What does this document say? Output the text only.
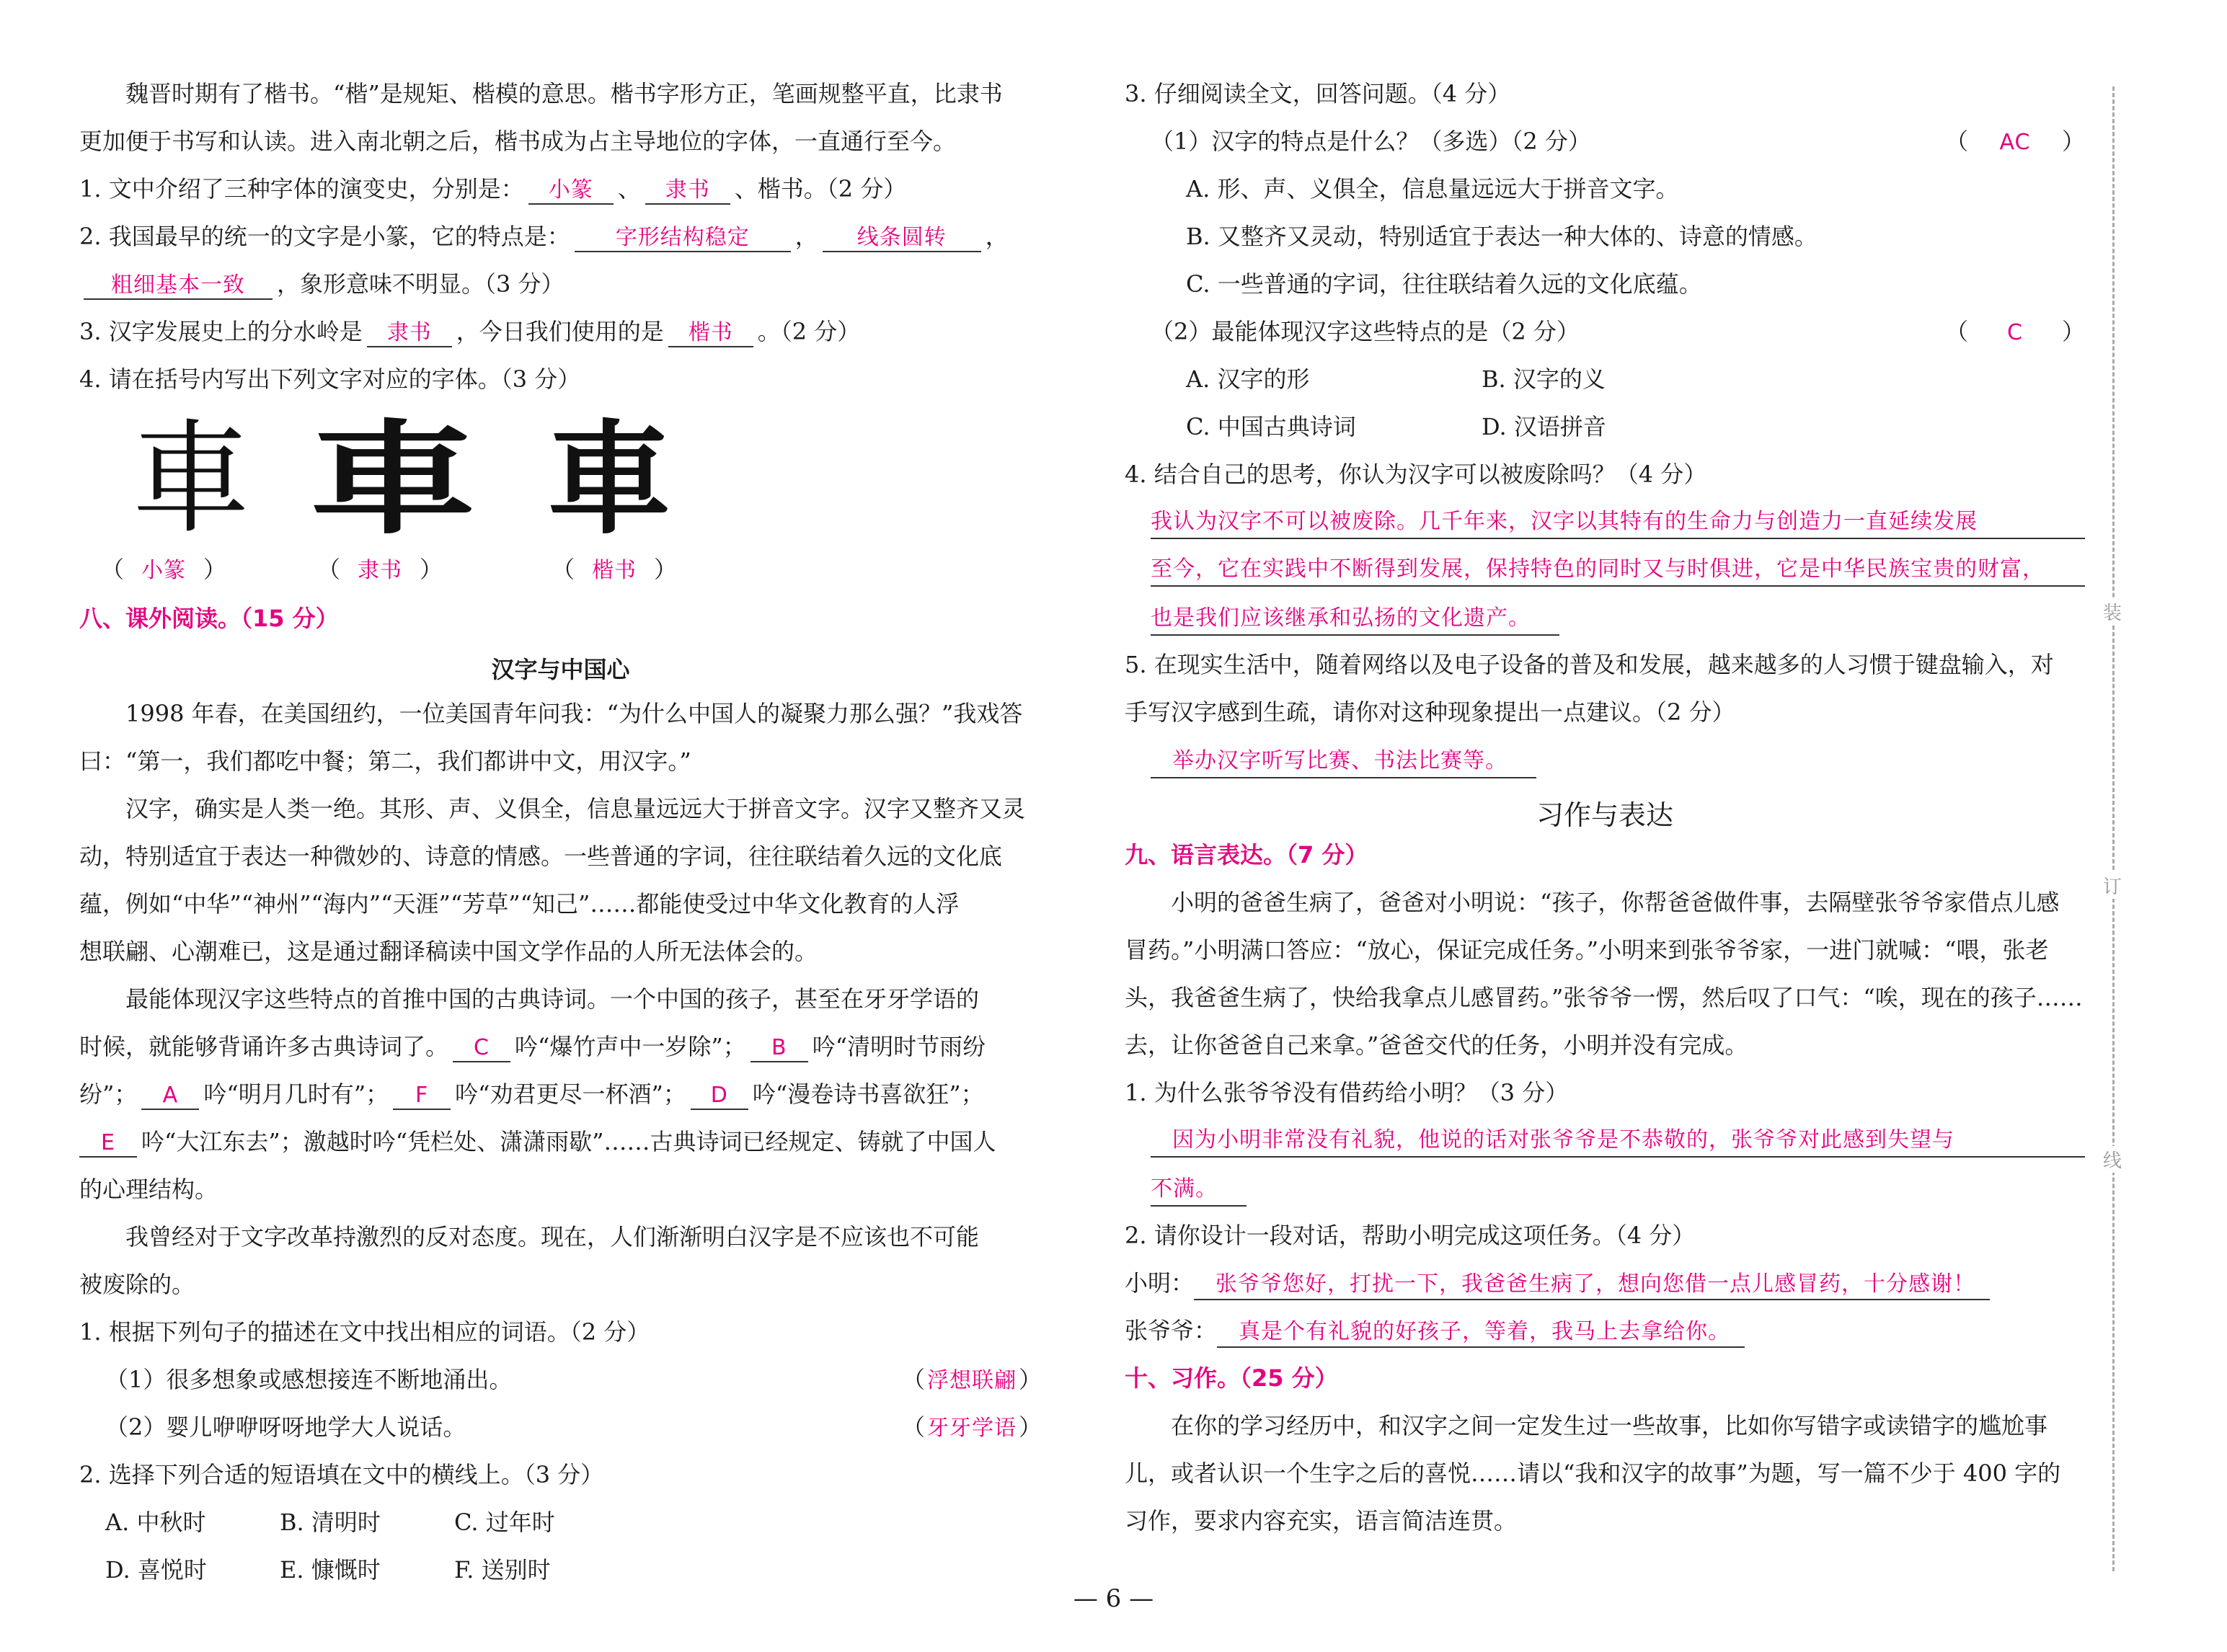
魏晋时期有了楷书。“楷”是规矩、楷模的意思。楷书字形方正，笔画规整平直，比隶书
更加便于书写和认读。进入南北朝之后，楷书成为占主导地位的字体，一直通行至今。
1. 文中介绍了三种字体的演变史，分别是： 小篆 、 隶书 、楷书。（2 分）
2. 我国最早的统一的文字是小篆，它的特点是： 字形结构稳定 ， 线条圆转 ，
粗细基本一致 ，象形意味不明显。（3 分）
3. 汉字发展史上的分水岭是 隶书 ，今日我们使用的是 楷书 。（2 分）
4. 请在括号内写出下列文字对应的字体。（3 分）
車 車 車
（ 小篆 ）	（ 隶书 ）	（ 楷书 ）
八、课外阅读。（15 分）
汉字与中国心
1998 年春，在美国纽约，一位美国青年问我：“为什么中国人的凝聚力那么强？”我戏答
曰：“第一，我们都吃中餐；第二，我们都讲中文，用汉字。”
汉字，确实是人类一绝。其形、声、义俱全，信息量远远大于拼音文字。汉字又整齐又灵
动，特别适宜于表达一种微妙的、诗意的情感。一些普通的字词，往往联结着久远的文化底
蕴，例如“中华”“神州”“海内”“天涯”“芳草”“知己”……都能使受过中华文化教育的人浮
想联翩、心潮难已，这是通过翻译稿读中国文学作品的人所无法体会的。
最能体现汉字这些特点的首推中国的古典诗词。一个中国的孩子，甚至在牙牙学语的
时候，就能够背诵许多古典诗词了。 C 吟“爆竹声中一岁除”； B 吟“清明时节雨纷
纷”； A 吟“明月几时有”； F 吟“劝君更尽一杯酒”； D 吟“漫卷诗书喜欲狂”；
E 吟“大江东去”；激越时吟“凭栏处、潇潇雨歇”……古典诗词已经规定、铸就了中国人
的心理结构。
我曾经对于文字改革持激烈的反对态度。现在，人们渐渐明白汉字是不应该也不可能
被废除的。
1. 根据下列句子的描述在文中找出相应的词语。（2 分）
（1）很多想象或感想接连不断地涌出。	（ 浮想联翩）
（2）婴儿咿咿呀呀地学大人说话。	（ 牙牙学语）
2. 选择下列合适的短语填在文中的横线上。（3 分）
A. 中秋时	B. 清明时	C. 过年时
D. 喜悦时	E. 慷慨时	F. 送别时
3. 仔细阅读全文，回答问题。（4 分）
（1）汉字的特点是什么？（多选）（2 分）	（ AC ）
A. 形、声、义俱全，信息量远远大于拼音文字。
B. 又整齐又灵动，特别适宜于表达一种大体的、诗意的情感。
C. 一些普通的字词，往往联结着久远的文化底蕴。
（2）最能体现汉字这些特点的是（2 分）	（ C ）
A. 汉字的形	B. 汉字的义
C. 中国古典诗词	D. 汉语拼音
4. 结合自己的思考，你认为汉字可以被废除吗？（4 分）
我认为汉字不可以被废除。几千年来，汉字以其特有的生命力与创造力一直延续发展
至今，它在实践中不断得到发展，保持特色的同时又与时俱进，它是中华民族宝贵的财富，
也是我们应该继承和弘扬的文化遗产。
5. 在现实生活中，随着网络以及电子设备的普及和发展，越来越多的人习惯于键盘输入，对
手写汉字感到生疏，请你对这种现象提出一点建议。（2 分）
举办汉字听写比赛、书法比赛等。
习作与表达
九、语言表达。（7 分）
小明的爸爸生病了，爸爸对小明说：“孩子，你帮爸爸做件事，去隔壁张爷爷家借点儿感
冒药。”小明满口答应：“放心，保证完成任务。”小明来到张爷爷家，一进门就喊：“喂，张老
头，我爸爸生病了，快给我拿点儿感冒药。”张爷爷一愣，然后叹了口气：“唉，现在的孩子……
去，让你爸爸自己来拿。”爸爸交代的任务，小明并没有完成。
1. 为什么张爷爷没有借药给小明？（3 分）
因为小明非常没有礼貌，他说的话对张爷爷是不恭敬的，张爷爷对此感到失望与
不满。
2. 请你设计一段对话，帮助小明完成这项任务。（4 分）
小明： 张爷爷您好，打扰一下，我爸爸生病了，想向您借一点儿感冒药，十分感谢！
张爷爷： 真是个有礼貌的好孩子，等着，我马上去拿给你。
十、习作。（25 分）
在你的学习经历中，和汉字之间一定发生过一些故事，比如你写错字或读错字的尴尬事
儿，或者认识一个生字之后的喜悦……请以“我和汉字的故事”为题，写一篇不少于 400 字的
习作，要求内容充实，语言简洁连贯。
装
订
线
— 6 —
